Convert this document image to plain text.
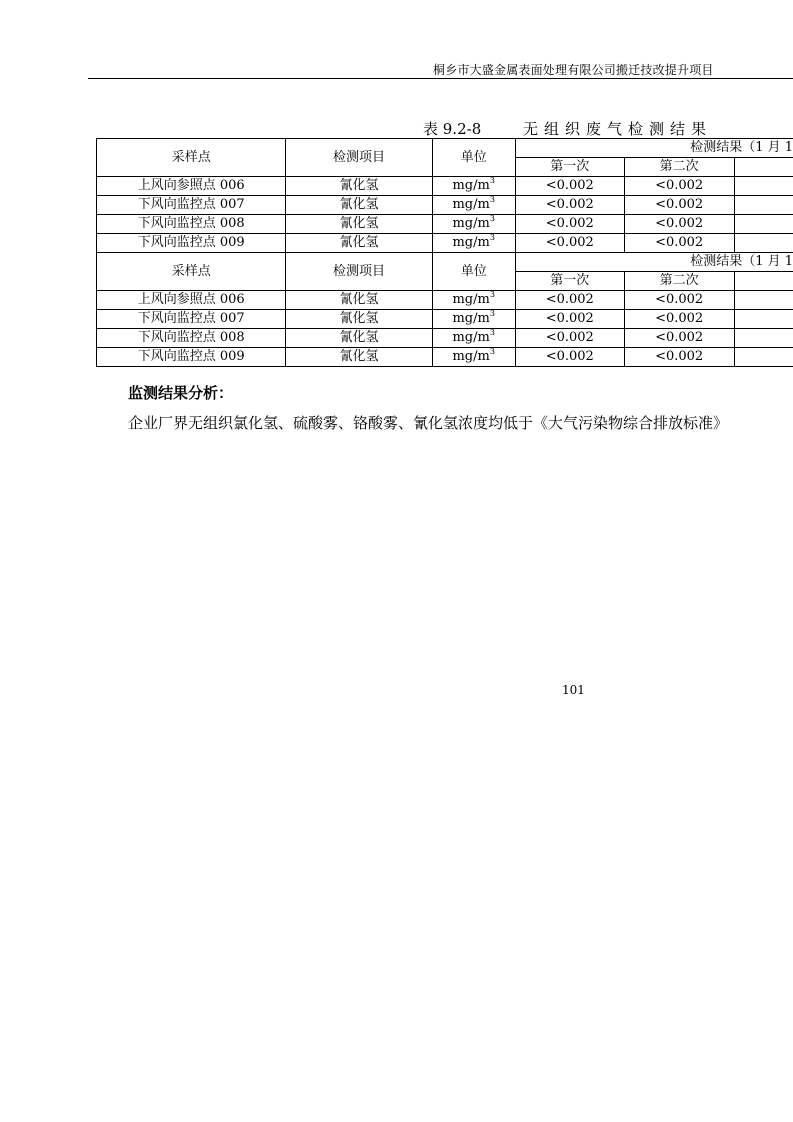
桐乡市大盛金属表面处理有限公司搬迁技改提升项目
表 9.2-8	无组织废气检测结果
采样点	检测项目	单位	检测结果（1 月 1		
			第一次	第二次	
上风向参照点 006	氰化氢	$mg/m^3$	<0.002	<0.002	
下风向监控点 007	氰化氢	$mg/m^3$	<0.002	<0.002	
下风向监控点 008	氰化氢	$mg/m^3$	<0.002	<0.002	
下风向监控点 009	氰化氢	$mg/m^3$	<0.002	<0.002	
采样点	检测项目	单位	检测结果（1 月 1		
			第一次	第二次	
上风向参照点 006	氰化氢	$mg/m^3$	<0.002	<0.002	
下风向监控点 007	氰化氢	$mg/m^3$	<0.002	<0.002	
下风向监控点 008	氰化氢	$mg/m^3$	<0.002	<0.002	
下风向监控点 009	氰化氢	$mg/m^3$	<0.002	<0.002	
监测结果分析：
企业厂界无组织氯化氢、硫酸雾、铬酸雾、氰化氢浓度均低于《大气污染物综合排放标准》
101
